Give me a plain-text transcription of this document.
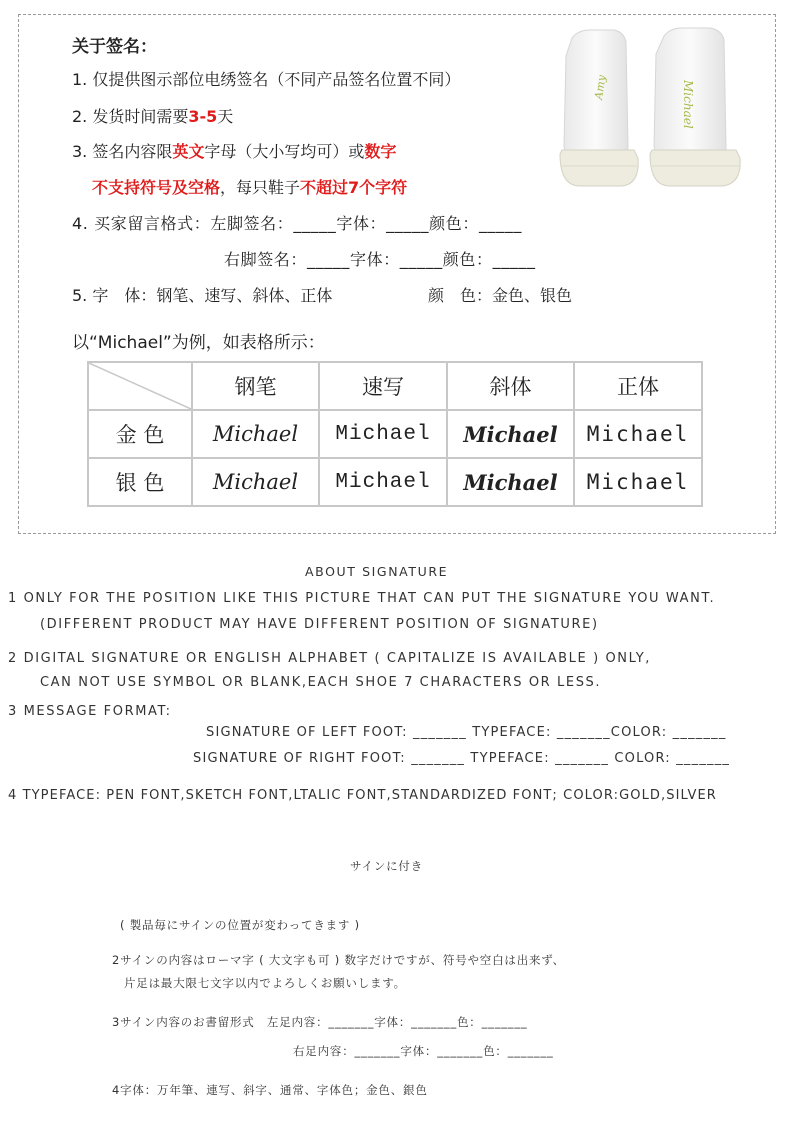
关于签名：
1. 仅提供图示部位电绣签名（不同产品签名位置不同）
2. 发货时间需要3-5天
3. 签名内容限英文字母（大小写均可）或数字
不支持符号及空格，每只鞋子不超过7个字符
4. 买家留言格式：左脚签名：_____字体：_____颜色：_____
右脚签名：_____字体：_____颜色：_____
5. 字　体：钢笔、速写、斜体、正体	颜　色：金色、银色
以“Michael”为例，如表格所示：
Amy	Michael
	钢笔	速写	斜体	正体
金 色	Michael	Michael	Michael	Michael
银 色	Michael	Michael	Michael	Michael
ABOUT SIGNATURE
1 ONLY FOR THE POSITION LIKE THIS PICTURE THAT CAN PUT THE SIGNATURE YOU WANT.
(DIFFERENT PRODUCT MAY HAVE DIFFERENT POSITION OF SIGNATURE)
2 DIGITAL SIGNATURE OR ENGLISH ALPHABET ( CAPITALIZE IS AVAILABLE ) ONLY,
CAN NOT USE SYMBOL OR BLANK,EACH SHOE 7 CHARACTERS OR LESS.
3 MESSAGE FORMAT:
SIGNATURE OF LEFT FOOT: _______ TYPEFACE: _______COLOR: _______
SIGNATURE OF RIGHT FOOT: _______ TYPEFACE: _______ COLOR: _______
4 TYPEFACE: PEN FONT,SKETCH FONT,LTALIC FONT,STANDARDIZED FONT; COLOR:GOLD,SILVER
サインに付き
( 製品毎にサインの位置が変わってきます )
2サインの内容はローマ字 ( 大文字も可 ) 数字だけですが、符号や空白は出来ず、
片足は最大限七文字以内でよろしくお願いします。
3サイン内容のお書留形式　左足内容：_______字体：_______色：_______
右足内容：_______字体：_______色：_______
4字体：万年筆、連写、斜字、通常、字体色；金色、銀色
